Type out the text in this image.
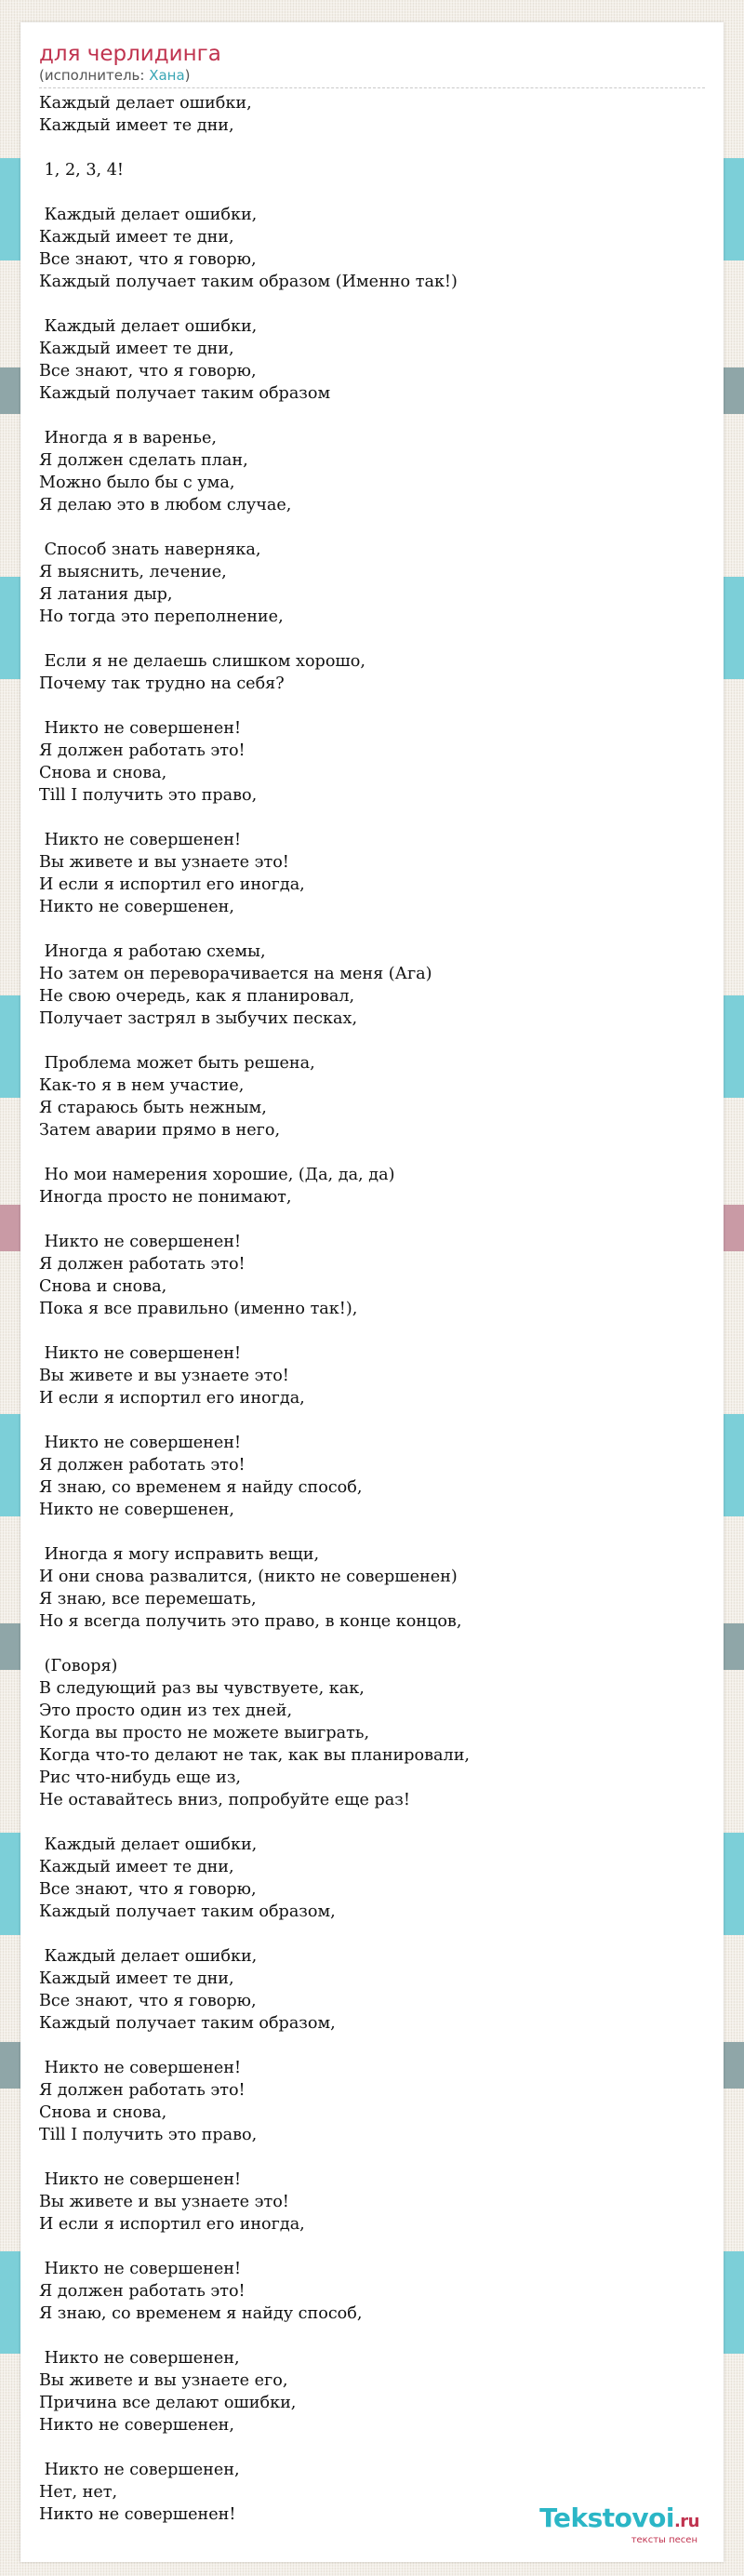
для черлидинга
(исполнитель: Хана)
Каждый делает ошибки,
Каждый имеет те дни,

1, 2, 3, 4!

Каждый делает ошибки,
Каждый имеет те дни,
Все знают, что я говорю,
Каждый получает таким образом (Именно так!)

Каждый делает ошибки,
Каждый имеет те дни,
Все знают, что я говорю,
Каждый получает таким образом

Иногда я в варенье,
Я должен сделать план,
Можно было бы с ума,
Я делаю это в любом случае,

Способ знать наверняка,
Я выяснить, лечение,
Я латания дыр,
Но тогда это переполнение,

Если я не делаешь слишком хорошо,
Почему так трудно на себя?

Никто не совершенен!
Я должен работать это!
Снова и снова,
Till I получить это право,

Никто не совершенен!
Вы живете и вы узнаете это!
И если я испортил его иногда,
Никто не совершенен,

Иногда я работаю схемы,
Но затем он переворачивается на меня (Ага)
Не свою очередь, как я планировал,
Получает застрял в зыбучих песках,

Проблема может быть решена,
Как-то я в нем участие,
Я стараюсь быть нежным,
Затем аварии прямо в него,

Но мои намерения хорошие, (Да, да, да)
Иногда просто не понимают,

Никто не совершенен!
Я должен работать это!
Снова и снова,
Пока я все правильно (именно так!),

Никто не совершенен!
Вы живете и вы узнаете это!
И если я испортил его иногда,

Никто не совершенен!
Я должен работать это!
Я знаю, со временем я найду способ,
Никто не совершенен,

Иногда я могу исправить вещи,
И они снова развалится, (никто не совершенен)
Я знаю, все перемешать,
Но я всегда получить это право, в конце концов,

(Говоря)
В следующий раз вы чувствуете, как,
Это просто один из тех дней,
Когда вы просто не можете выиграть,
Когда что-то делают не так, как вы планировали,
Рис что-нибудь еще из,
Не оставайтесь вниз, попробуйте еще раз!

Каждый делает ошибки,
Каждый имеет те дни,
Все знают, что я говорю,
Каждый получает таким образом,

Каждый делает ошибки,
Каждый имеет те дни,
Все знают, что я говорю,
Каждый получает таким образом,

Никто не совершенен!
Я должен работать это!
Снова и снова,
Till I получить это право,

Никто не совершенен!
Вы живете и вы узнаете это!
И если я испортил его иногда,

Никто не совершенен!
Я должен работать это!
Я знаю, со временем я найду способ,

Никто не совершенен,
Вы живете и вы узнаете его,
Причина все делают ошибки,
Никто не совершенен,

Никто не совершенен,
Нет, нет,
Никто не совершенен!	Tekstovoi.ru
тексты песен
